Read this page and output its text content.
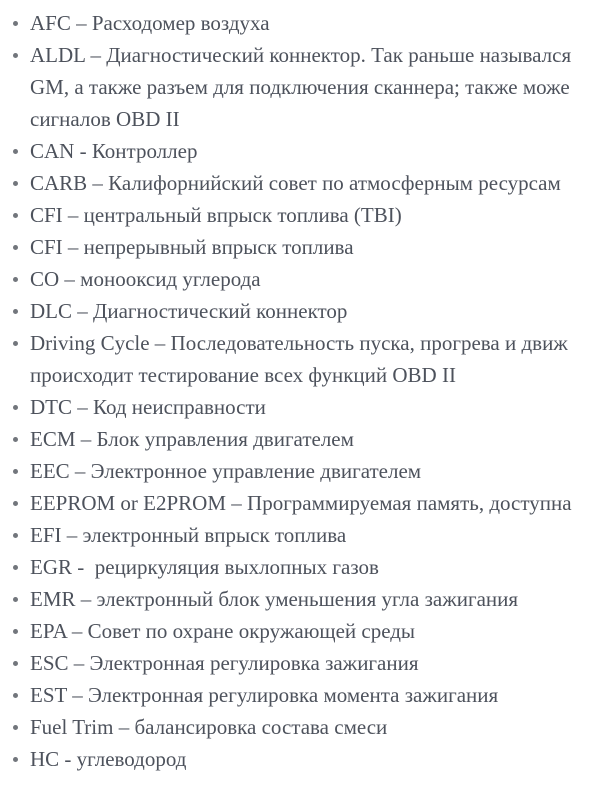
AFC – Расходомер воздуха
ALDL – Диагностический коннектор. Так раньше назывался
GM, а также разъем для подключения сканнера; также може
сигналов OBD II
CAN - Контроллер
CARB – Калифорнийский совет по атмосферным ресурсам
CFI – центральный впрыск топлива (TBI)
CFI – непрерывный впрыск топлива
CO – монооксид углерода
DLC – Диагностический коннектор
Driving Cycle – Последовательность пуска, прогрева и движ
происходит тестирование всех функций OBD II
DTC – Код неисправности
ECM – Блок управления двигателем
EEC – Электронное управление двигателем
EEPROM or E2PROM – Программируемая память, доступна
EFI – электронный впрыск топлива
EGR -  рециркуляция выхлопных газов
EMR – электронный блок уменьшения угла зажигания
EPA – Совет по охране окружающей среды
ESC – Электронная регулировка зажигания
EST – Электронная регулировка момента зажигания
Fuel Trim – балансировка состава смеси
HC - углеводород
